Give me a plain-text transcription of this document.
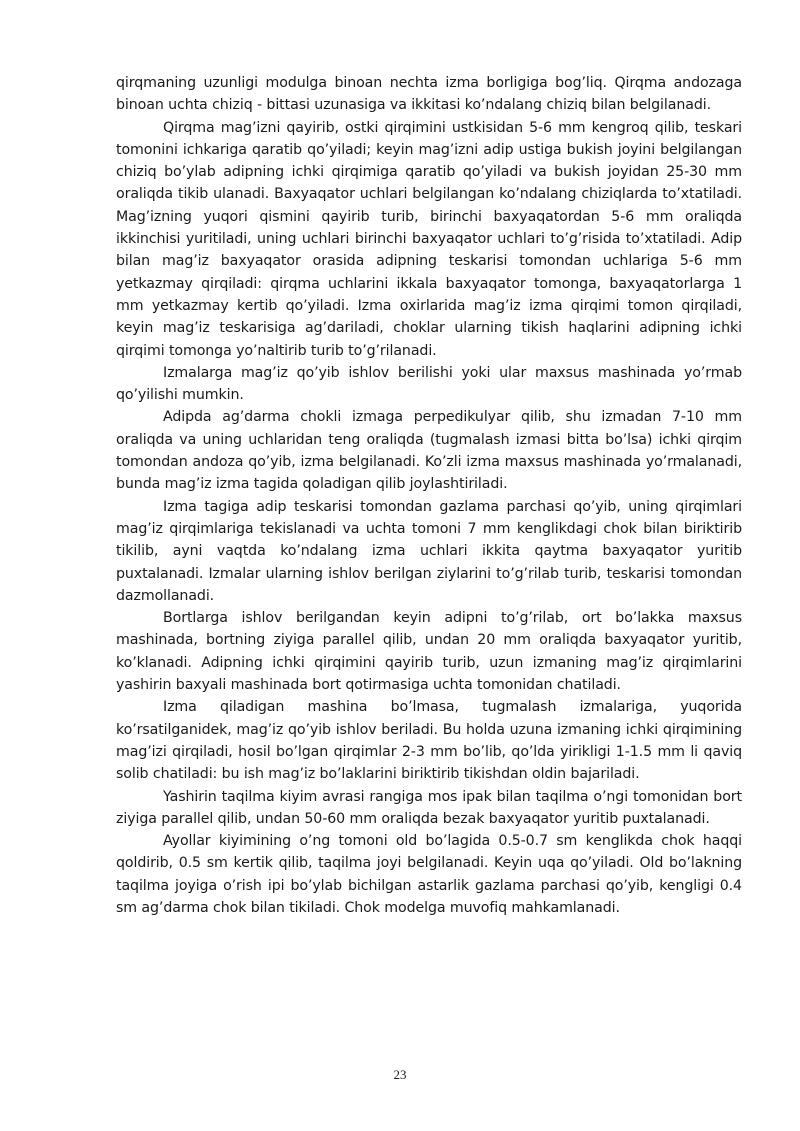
qirqmaning uzunligi modulga binoan nechta izma borligiga bog’liq. Qirqma andozaga binoan uchta chiziq - bittasi uzunasiga va ikkitasi ko’ndalang chiziq bilan belgilanadi.

Qirqma mag’izni qayirib, ostki qirqimini ustkisidan 5-6 mm kengroq qilib, teskari tomonini ichkariga qaratib qo’yiladi; keyin mag’izni adip ustiga bukish joyini belgilangan chiziq bo’ylab adipning ichki qirqimiga qaratib qo’yiladi va bukish joyidan 25-30 mm oraliqda tikib ulanadi. Baxyaqator uchlari belgilangan ko’ndalang chiziqlarda to’xtatiladi. Mag’izning yuqori qismini qayirib turib, birinchi baxyaqatordan 5-6 mm oraliqda ikkinchisi yuritiladi, uning uchlari birinchi baxyaqator uchlari to’g’risida to’xtatiladi. Adip bilan mag’iz baxyaqator orasida adipning teskarisi tomondan uchlariga 5-6 mm yetkazmay qirqiladi: qirqma uchlarini ikkala baxyaqator tomonga, baxyaqatorlarga 1 mm yetkazmay kertib qo’yiladi. Izma oxirlarida mag’iz izma qirqimi tomon qirqiladi, keyin mag’iz teskarisiga ag’dariladi, choklar ularning tikish haqlarini adipning ichki qirqimi tomonga yo’naltirib turib to’g’rilanadi.

Izmalarga mag’iz qo’yib ishlov berilishi yoki ular maxsus mashinada yo’rmab qo’yilishi mumkin.

Adipda ag’darma chokli izmaga perpedikulyar qilib, shu izmadan 7-10 mm oraliqda va uning uchlaridan teng oraliqda (tugmalash izmasi bitta bo’lsa) ichki qirqim tomondan andoza qo’yib, izma belgilanadi. Ko’zli izma maxsus mashinada yo’rmalanadi, bunda mag’iz izma tagida qoladigan qilib joylashtiriladi.

Izma tagiga adip teskarisi tomondan gazlama parchasi qo’yib, uning qirqimlari mag’iz qirqimlariga tekislanadi va uchta tomoni 7 mm kenglikdagi chok bilan biriktirib tikilib, ayni vaqtda ko’ndalang izma uchlari ikkita qaytma baxyaqator yuritib puxtalanadi. Izmalar ularning ishlov berilgan ziylarini to’g’rilab turib, teskarisi tomondan dazmollanadi.

Bortlarga ishlov berilgandan keyin adipni to’g’rilab, ort bo’lakka maxsus mashinada, bortning ziyiga parallel qilib, undan 20 mm oraliqda baxyaqator yuritib, ko’klanadi. Adipning ichki qirqimini qayirib turib, uzun izmaning mag’iz qirqimlarini yashirin baxyali mashinada bort qotirmasiga uchta tomonidan chatiladi.

Izma qiladigan mashina bo’lmasa, tugmalash izmalariga, yuqorida ko’rsatilganidek, mag’iz qo’yib ishlov beriladi. Bu holda uzuna izmaning ichki qirqimining mag’izi qirqiladi, hosil bo’lgan qirqimlar 2-3 mm bo’lib, qo’lda yirikligi 1-1.5 mm li qaviq solib chatiladi: bu ish mag’iz bo’laklarini biriktirib tikishdan oldin bajariladi.

Yashirin taqilma kiyim avrasi rangiga mos ipak bilan taqilma o’ngi tomonidan bort ziyiga parallel qilib, undan 50-60 mm oraliqda bezak baxyaqator yuritib puxtalanadi.

Ayollar kiyimining o’ng tomoni old bo’lagida 0.5-0.7 sm kenglikda chok haqqi qoldirib, 0.5 sm kertik qilib, taqilma joyi belgilanadi. Keyin uqa qo’yiladi. Old bo’lakning taqilma joyiga o’rish ipi bo’ylab bichilgan astarlik gazlama parchasi qo’yib, kengligi 0.4 sm ag’darma chok bilan tikiladi. Chok modelga muvofiq mahkamlanadi.

23
